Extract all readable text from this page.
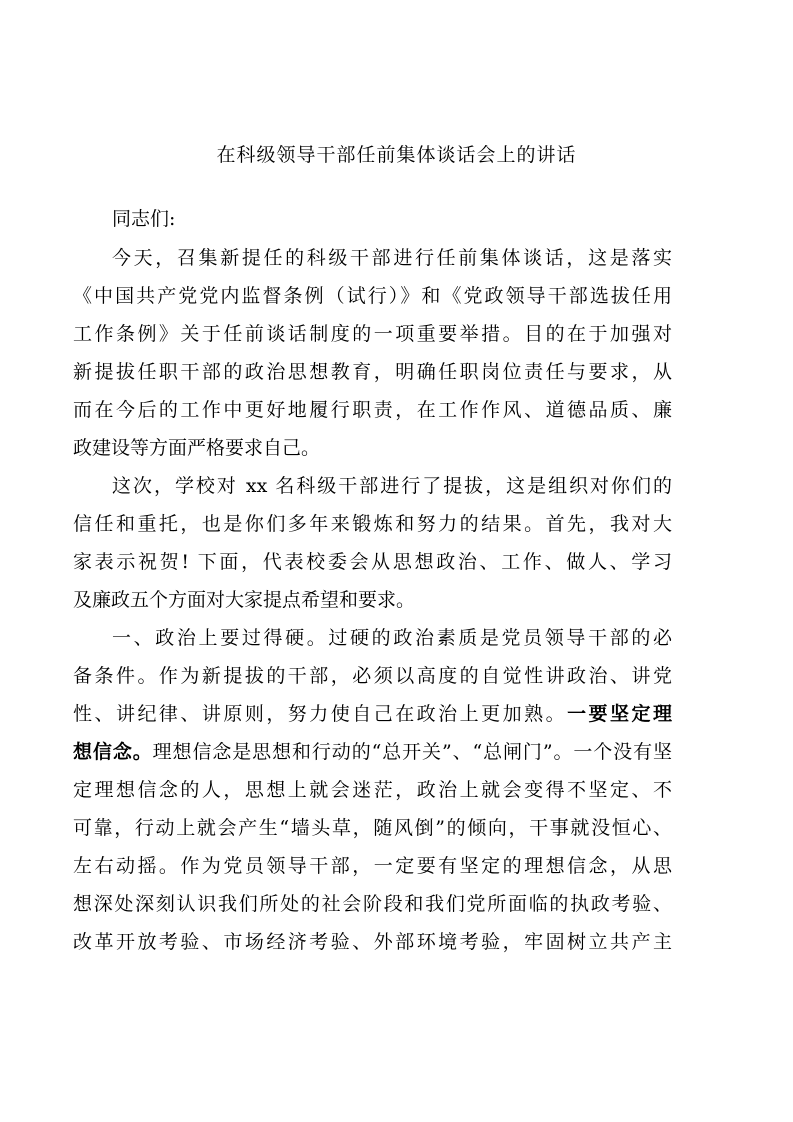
在科级领导干部任前集体谈话会上的讲话
同志们:
今天，召集新提任的科级干部进行任前集体谈话，这是落实
《中国共产党党内监督条例（试行）》和《党政领导干部选拔任用
工作条例》关于任前谈话制度的一项重要举措。目的在于加强对
新提拔任职干部的政治思想教育，明确任职岗位责任与要求，从
而在今后的工作中更好地履行职责，在工作作风、道德品质、廉
政建设等方面严格要求自己。
这次，学校对 xx 名科级干部进行了提拔，这是组织对你们的
信任和重托，也是你们多年来锻炼和努力的结果。首先，我对大
家表示祝贺! 下面，代表校委会从思想政治、工作、做人、学习
及廉政五个方面对大家提点希望和要求。
一、政治上要过得硬。过硬的政治素质是党员领导干部的必
备条件。作为新提拔的干部，必须以高度的自觉性讲政治、讲党
性、讲纪律、讲原则，努力使自己在政治上更加熟。一要坚定理
想信念。理想信念是思想和行动的“总开关”、“总闸门”。一个没有坚
定理想信念的人，思想上就会迷茫，政治上就会变得不坚定、不
可靠，行动上就会产生“墙头草，随风倒”的倾向，干事就没恒心、
左右动摇。作为党员领导干部，一定要有坚定的理想信念，从思
想深处深刻认识我们所处的社会阶段和我们党所面临的执政考验、
改革开放考验、市场经济考验、外部环境考验，牢固树立共产主
